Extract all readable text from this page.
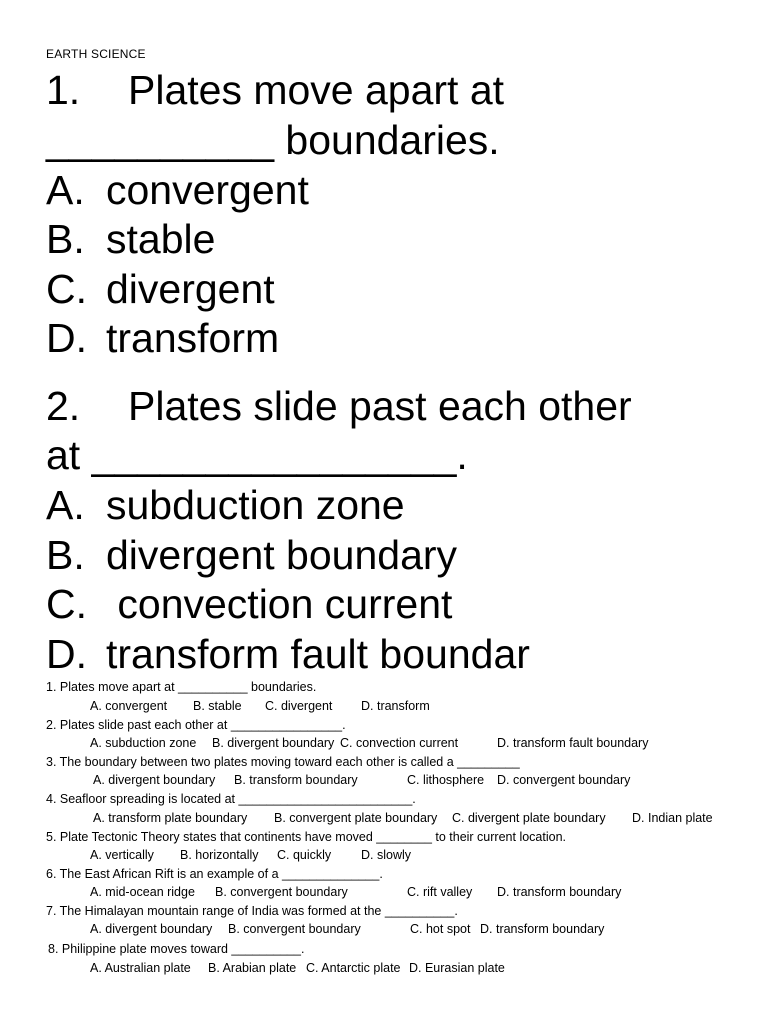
EARTH SCIENCE
1. Plates move apart at
__________ boundaries.
A. convergent
B. stable
C. divergent
D. transform
2. Plates slide past each other
at ________________.
A. subduction zone
B. divergent boundary
C. convection current
D. transform fault boundar
1. Plates move apart at __________ boundaries.
A. convergent B. stable C. divergent D. transform
2. Plates slide past each other at ________________.
A. subduction zone B. divergent boundary C. convection current	D. transform fault boundary
3. The boundary between two plates moving toward each other is called a _________
A. divergent boundary B. transform boundary	C. lithosphere D. convergent boundary
4. Seafloor spreading is located at _________________________.
A. transform plate boundary B. convergent plate boundary C. divergent plate boundary D. Indian plate
5. Plate Tectonic Theory states that continents have moved ________ to their current location.
A. vertically B. horizontally C. quickly D. slowly
6. The East African Rift is an example of a ______________.
A. mid-ocean ridge B. convergent boundary	C. rift valley D. transform boundary
7. The Himalayan mountain range of India was formed at the __________.
A. divergent boundary B. convergent boundary	C. hot spot D. transform boundary
8. Philippine plate moves toward __________.
A. Australian plate B. Arabian plate C. Antarctic plate D. Eurasian plate
